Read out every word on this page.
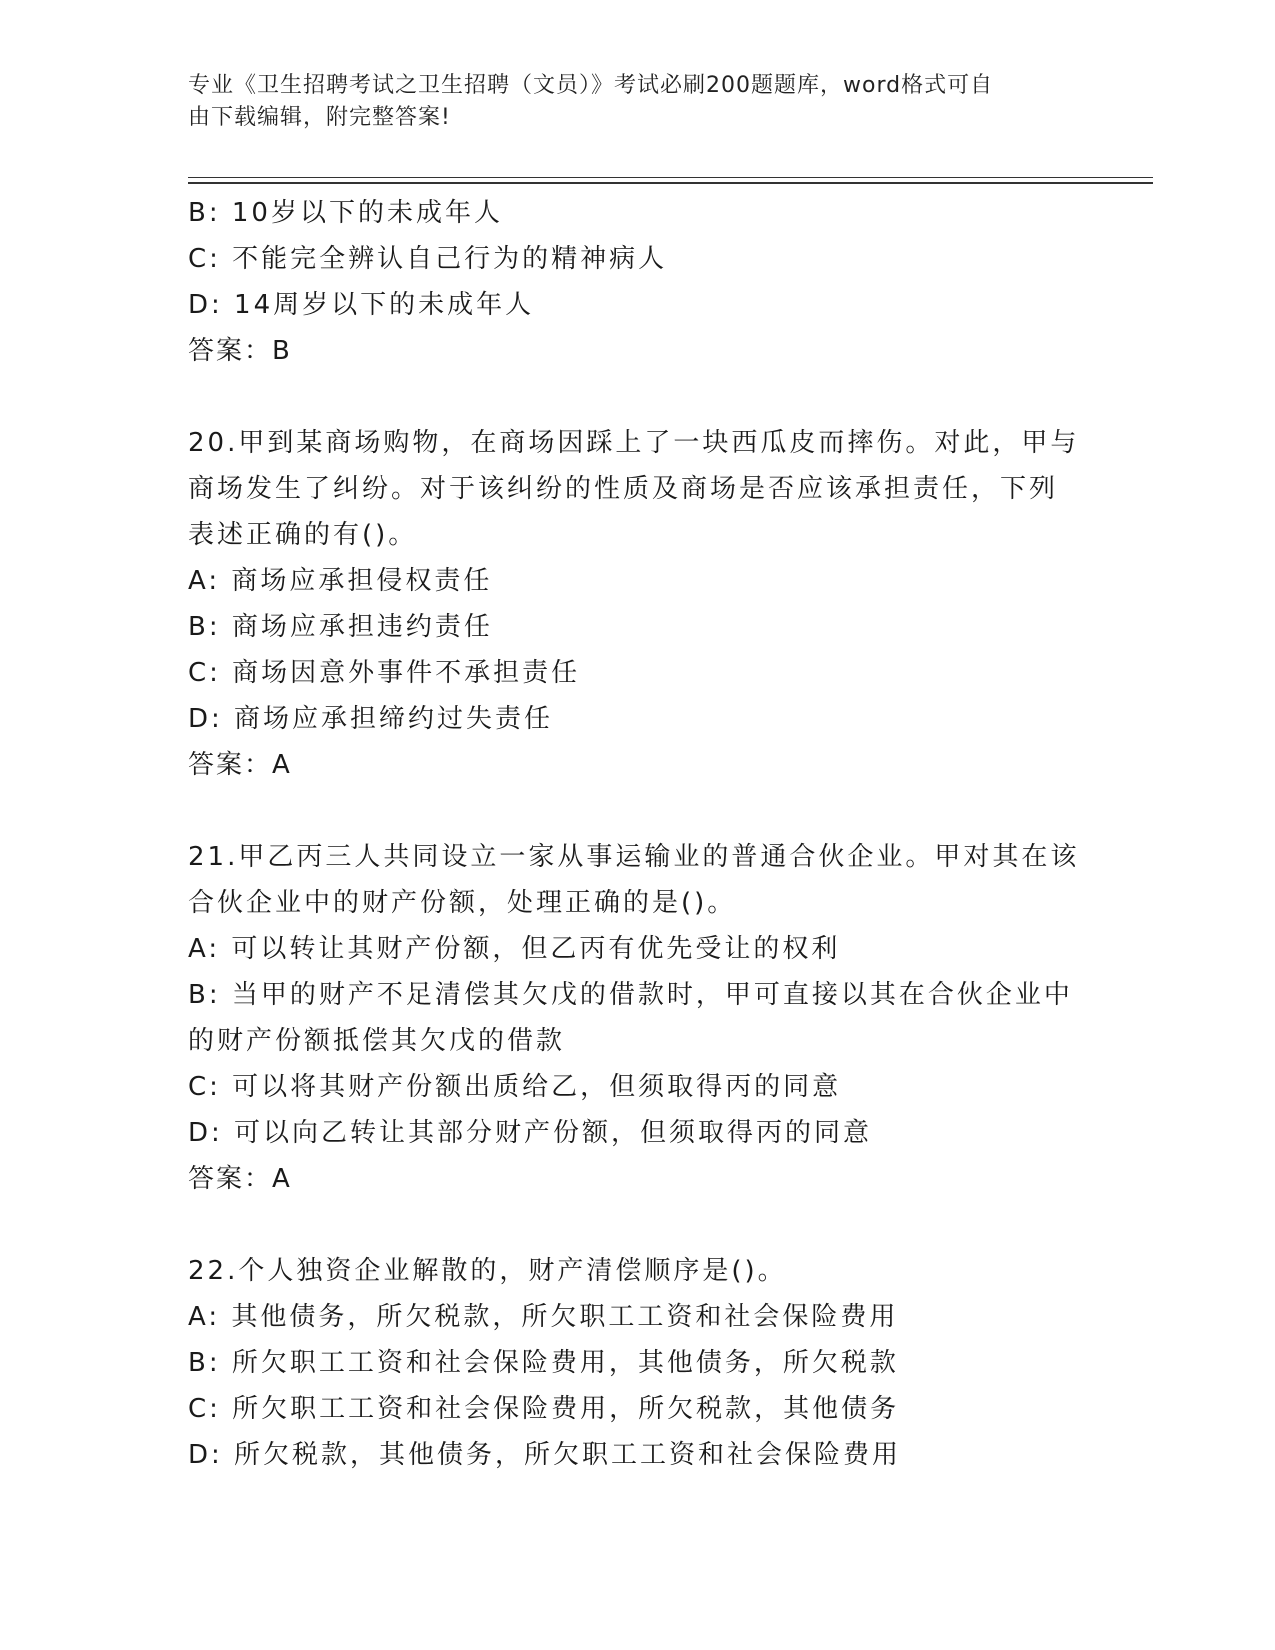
专业《卫生招聘考试之卫生招聘（文员）》考试必刷200题题库，word格式可自
由下载编辑，附完整答案!
B: 10岁以下的未成年人
C: 不能完全辨认自己行为的精神病人
D: 14周岁以下的未成年人
答案：B
20.甲到某商场购物，在商场因踩上了一块西瓜皮而摔伤。对此，甲与
商场发生了纠纷。对于该纠纷的性质及商场是否应该承担责任，下列
表述正确的有()。
A: 商场应承担侵权责任
B: 商场应承担违约责任
C: 商场因意外事件不承担责任
D: 商场应承担缔约过失责任
答案：A
21.甲乙丙三人共同设立一家从事运输业的普通合伙企业。甲对其在该
合伙企业中的财产份额，处理正确的是()。
A: 可以转让其财产份额，但乙丙有优先受让的权利
B: 当甲的财产不足清偿其欠戊的借款时，甲可直接以其在合伙企业中
的财产份额抵偿其欠戊的借款
C: 可以将其财产份额出质给乙，但须取得丙的同意
D: 可以向乙转让其部分财产份额，但须取得丙的同意
答案：A
22.个人独资企业解散的，财产清偿顺序是()。
A: 其他债务，所欠税款，所欠职工工资和社会保险费用
B: 所欠职工工资和社会保险费用，其他债务，所欠税款
C: 所欠职工工资和社会保险费用，所欠税款，其他债务
D: 所欠税款，其他债务，所欠职工工资和社会保险费用
